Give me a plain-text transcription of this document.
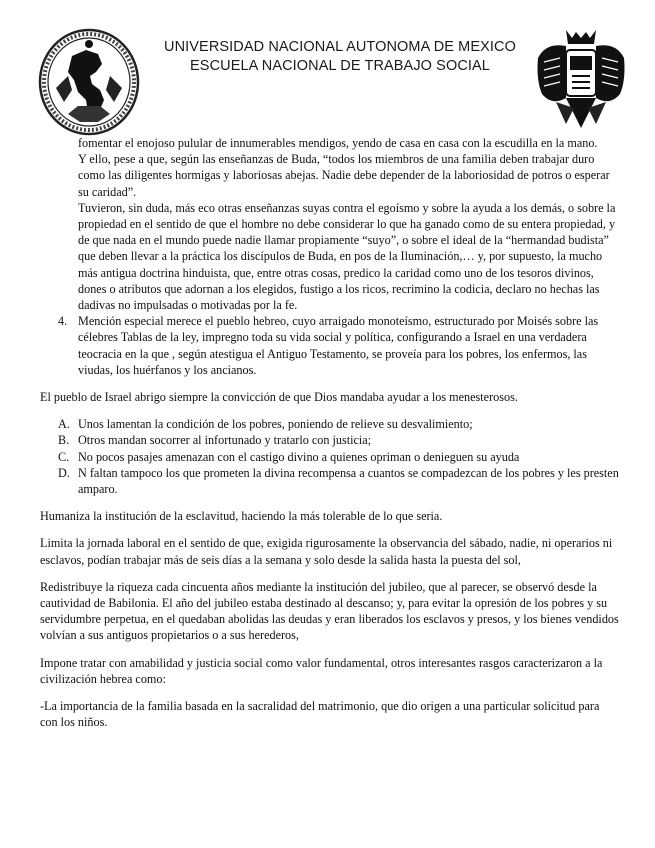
UNIVERSIDAD NACIONAL AUTONOMA DE MEXICO
ESCUELA NACIONAL DE TRABAJO SOCIAL

fomentar el enojoso pulular de innumerables mendigos, yendo de casa en casa con la escudilla en la mano.

Y ello, pese a que, según las enseñanzas de Buda, “todos los miembros de una familia deben trabajar duro como las diligentes hormigas y laboriosas abejas. Nadie debe depender de la laboriosidad de potros o esperar su caridad”.

Tuvieron, sin duda, más eco otras enseñanzas suyas contra el egoísmo y sobre la ayuda a los demás, o sobre la propiedad en el sentido de que el hombre no debe considerar lo que ha ganado como de su entera propiedad, y de que nada en el mundo puede nadie llamar propiamente “suyo”, o sobre el ideal de la “hermandad budista” que deben llevar a la práctica los discípulos de Buda, en pos de la Iluminación,… y, por supuesto, la mucho más antigua doctrina hinduista, que, entre otras cosas, predico la caridad como uno de los tesoros divinos, dones o atributos que adornan a los elegidos, fustigo a los ricos, recrimino la codicia, declaro no hechas las dadivas no impulsadas o motivadas por la fe.

4. Mención especial merece el pueblo hebreo, cuyo arraigado monoteísmo, estructurado por Moisés sobre las célebres Tablas de la ley, impregno toda su vida social y política, configurando a Israel en una verdadera teocracia en la que , según atestigua el Antiguo Testamento, se proveía para los pobres, los enfermos, las viudas, los huérfanos y los ancianos.

El pueblo de Israel abrigo siempre la convicción de que Dios mandaba ayudar a los menesterosos.

A. Unos lamentan la condición de los pobres, poniendo de relieve su desvalimiento;
B. Otros mandan socorrer al infortunado y tratarlo con justicia;
C. No pocos pasajes amenazan con el castigo divino a quienes opriman o denieguen su ayuda
D. N faltan tampoco los que prometen la divina recompensa a cuantos se compadezcan de los pobres y les presten amparo.

Humaniza la institución de la esclavitud, haciendo la más tolerable de lo que seria.

Limita la jornada laboral en el sentido de que, exigida rigurosamente la observancia del sábado, nadie, ni operarios ni esclavos, podían trabajar más de seis días a la semana y solo desde la salida hasta la puesta del sol,

Redistribuye la riqueza cada cincuenta años mediante la institución del jubileo, que al parecer, se observó desde la cautividad de Babilonia. El año del jubileo estaba destinado al descanso; y, para evitar la opresión de los pobres y su servidumbre perpetua, en el quedaban abolidas las deudas y eran liberados los esclavos y presos, y los bienes vendidos volvían a sus antiguos propietarios o a sus herederos,

Impone tratar con amabilidad y justicia social como valor fundamental, otros interesantes rasgos caracterizaron a la civilización hebrea como:

-La importancia de la familia basada en la sacralidad del matrimonio, que dio origen a una particular solicitud para con los niños.
